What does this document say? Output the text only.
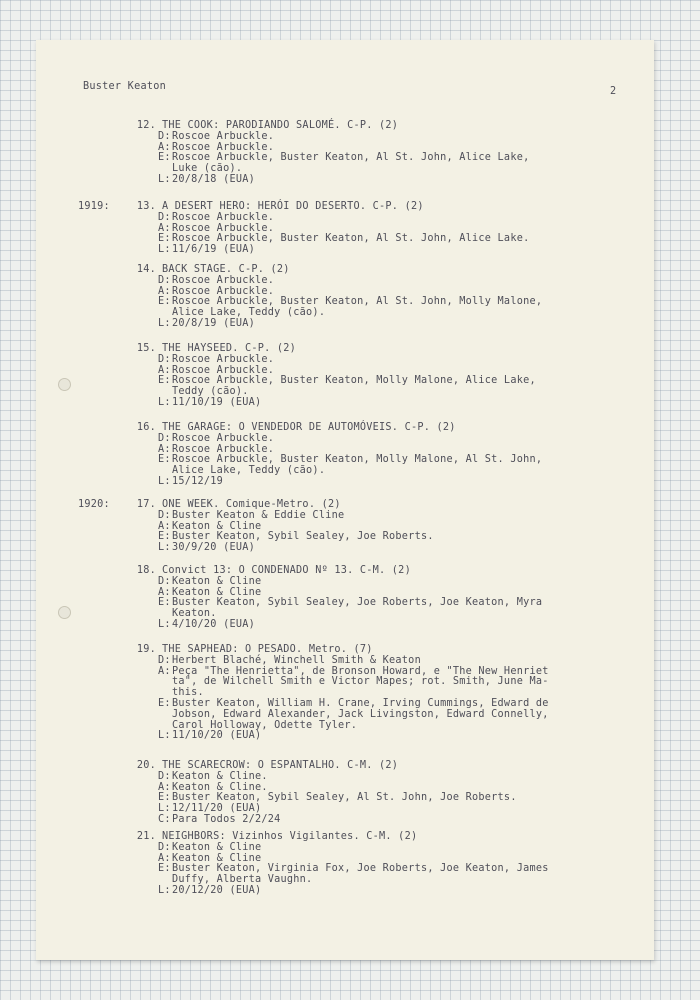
Buster Keaton	2
12. THE COOK: PARODIANDO SALOMÉ. C-P. (2)
D: Roscoe Arbuckle.
A: Roscoe Arbuckle.
E: Roscoe Arbuckle, Buster Keaton, Al St. John, Alice Lake,
Luke (cão).
L: 20/8/18 (EUA)
1919:	13. A DESERT HERO: HERÓI DO DESERTO. C-P. (2)
D: Roscoe Arbuckle.
A: Roscoe Arbuckle.
E: Roscoe Arbuckle, Buster Keaton, Al St. John, Alice Lake.
L: 11/6/19 (EUA)
14. BACK STAGE. C-P. (2)
D: Roscoe Arbuckle.
A: Roscoe Arbuckle.
E: Roscoe Arbuckle, Buster Keaton, Al St. John, Molly Malone,
Alice Lake, Teddy (cão).
L: 20/8/19 (EUA)
15. THE HAYSEED. C-P. (2)
D: Roscoe Arbuckle.
A: Roscoe Arbuckle.
E: Roscoe Arbuckle, Buster Keaton, Molly Malone, Alice Lake,
Teddy (cão).
L: 11/10/19 (EUA)
16. THE GARAGE: O VENDEDOR DE AUTOMÓVEIS. C-P. (2)
D: Roscoe Arbuckle.
A: Roscoe Arbuckle.
E: Roscoe Arbuckle, Buster Keaton, Molly Malone, Al St. John,
Alice Lake, Teddy (cão).
L: 15/12/19
1920:	17. ONE WEEK. Comique-Metro. (2)
D: Buster Keaton & Eddie Cline
A: Keaton & Cline
E: Buster Keaton, Sybil Sealey, Joe Roberts.
L: 30/9/20 (EUA)
18. Convict 13: O CONDENADO Nº 13. C-M. (2)
D: Keaton & Cline
A: Keaton & Cline
E: Buster Keaton, Sybil Sealey, Joe Roberts, Joe Keaton, Myra
Keaton.
L: 4/10/20 (EUA)
19. THE SAPHEAD: O PESADO. Metro. (7)
D: Herbert Blaché, Winchell Smith & Keaton
A: Peça "The Henrietta", de Bronson Howard, e "The New Henriet
ta", de Wilchell Smith e Victor Mapes; rot. Smith, June Ma-
this.
E: Buster Keaton, William H. Crane, Irving Cummings, Edward de
Jobson, Edward Alexander, Jack Livingston, Edward Connelly,
Carol Holloway, Odette Tyler.
L: 11/10/20 (EUA)
20. THE SCARECROW: O ESPANTALHO. C-M. (2)
D: Keaton & Cline.
A: Keaton & Cline.
E: Buster Keaton, Sybil Sealey, Al St. John, Joe Roberts.
L: 12/11/20 (EUA)
C: Para Todos 2/2/24
21. NEIGHBORS: Vizinhos Vigilantes. C-M. (2)
D: Keaton & Cline
A: Keaton & Cline
E: Buster Keaton, Virginia Fox, Joe Roberts, Joe Keaton, James
Duffy, Alberta Vaughn.
L: 20/12/20 (EUA)
